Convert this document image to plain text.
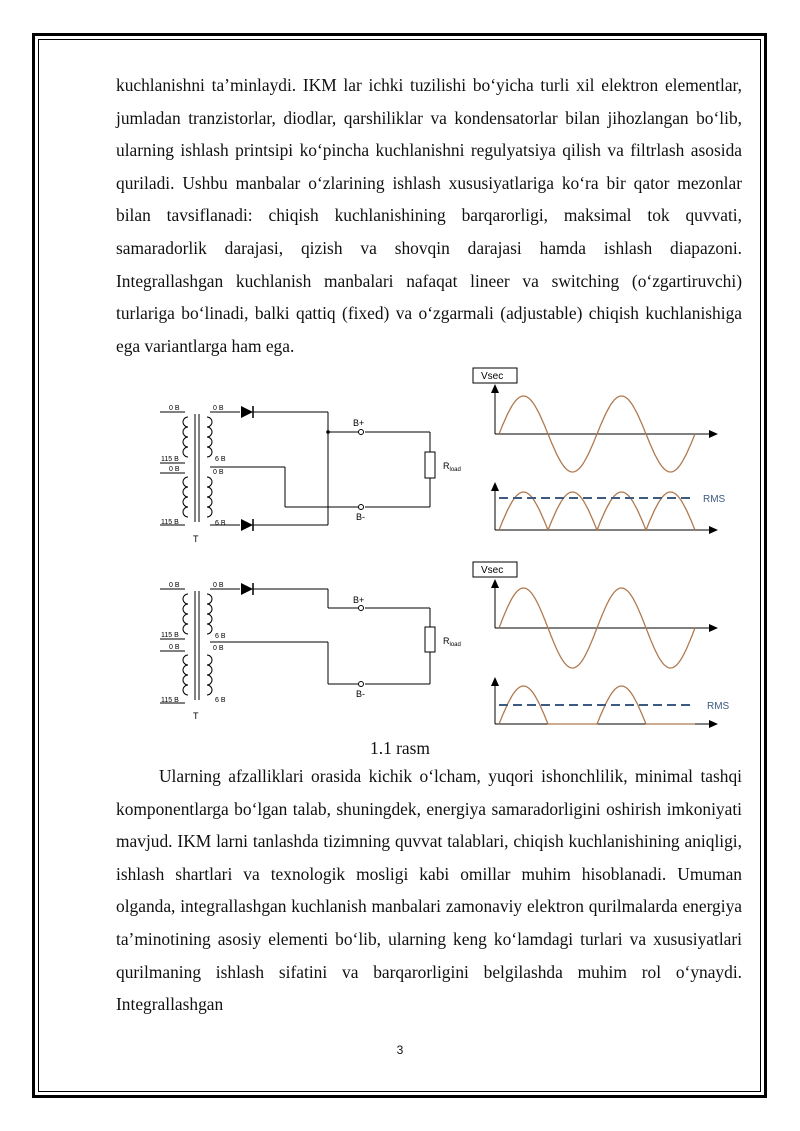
kuchlanishni ta’minlaydi. IKM lar ichki tuzilishi bo‘yicha turli xil elektron elementlar, jumladan tranzistorlar, diodlar, qarshiliklar va kondensatorlar bilan jihozlangan bo‘lib, ularning ishlash printsipi ko‘pincha kuchlanishni regulyatsiya qilish va filtrlash asosida quriladi. Ushbu manbalar o‘zlarining ishlash xususiyatlariga ko‘ra bir qator mezonlar bilan tavsiflanadi: chiqish kuchlanishining barqarorligi, maksimal tok quvvati, samaradorlik darajasi, qizish va shovqin darajasi hamda ishlash diapazoni. Integrallashgan kuchlanish manbalari nafaqat lineer va switching (o‘zgartiruvchi) turlariga bo‘linadi, balki qattiq (fixed) va o‘zgarmali (adjustable) chiqish kuchlanishiga ega variantlarga ham ega.

0 B
115 B
0 B
115 B
0 B
6 B
0 B
6 B
T
B+
B-
$R_{load}$
0 B
115 B
0 B
115 B
0 B
6 B
0 B
6 B
T
B+
B-
$R_{load}$
Vsec
RMS
Vsec
RMS
1.1 rasm

Ularning afzalliklari orasida kichik o‘lcham, yuqori ishonchlilik, minimal tashqi komponentlarga bo‘lgan talab, shuningdek, energiya samaradorligini oshirish imkoniyati mavjud. IKM larni tanlashda tizimning quvvat talablari, chiqish kuchlanishining aniqligi, ishlash shartlari va texnologik mosligi kabi omillar muhim hisoblanadi. Umuman olganda, integrallashgan kuchlanish manbalari zamonaviy elektron qurilmalarda energiya ta’minotining asosiy elementi bo‘lib, ularning keng ko‘lamdagi turlari va xususiyatlari qurilmaning ishlash sifatini va barqarorligini belgilashda muhim rol o‘ynaydi. Integrallashgan

3
